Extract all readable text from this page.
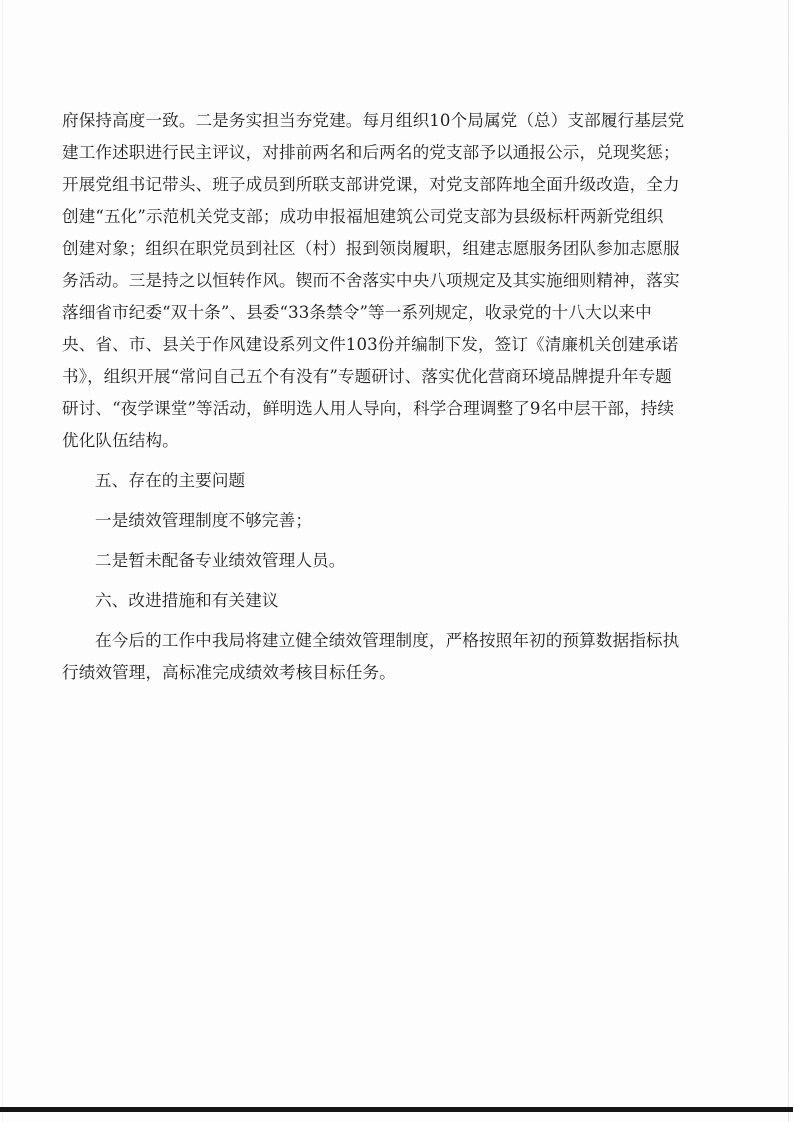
府保持高度一致。二是务实担当夯党建。每月组织10个局属党（总）支部履行基层党
建工作述职进行民主评议，对排前两名和后两名的党支部予以通报公示，兑现奖惩；
开展党组书记带头、班子成员到所联支部讲党课，对党支部阵地全面升级改造，全力
创建“五化”示范机关党支部；成功申报福旭建筑公司党支部为县级标杆两新党组织
创建对象；组织在职党员到社区（村）报到领岗履职，组建志愿服务团队参加志愿服
务活动。三是持之以恒转作风。锲而不舍落实中央八项规定及其实施细则精神，落实
落细省市纪委“双十条”、县委“33条禁令”等一系列规定，收录党的十八大以来中
央、省、市、县关于作风建设系列文件103份并编制下发，签订《清廉机关创建承诺
书》，组织开展“常问自己五个有没有”专题研讨、落实优化营商环境品牌提升年专题
研讨、“夜学课堂”等活动，鲜明选人用人导向，科学合理调整了9名中层干部，持续
优化队伍结构。
五、存在的主要问题
一是绩效管理制度不够完善；
二是暂未配备专业绩效管理人员。
六、改进措施和有关建议
在今后的工作中我局将建立健全绩效管理制度，严格按照年初的预算数据指标执
行绩效管理，高标准完成绩效考核目标任务。
